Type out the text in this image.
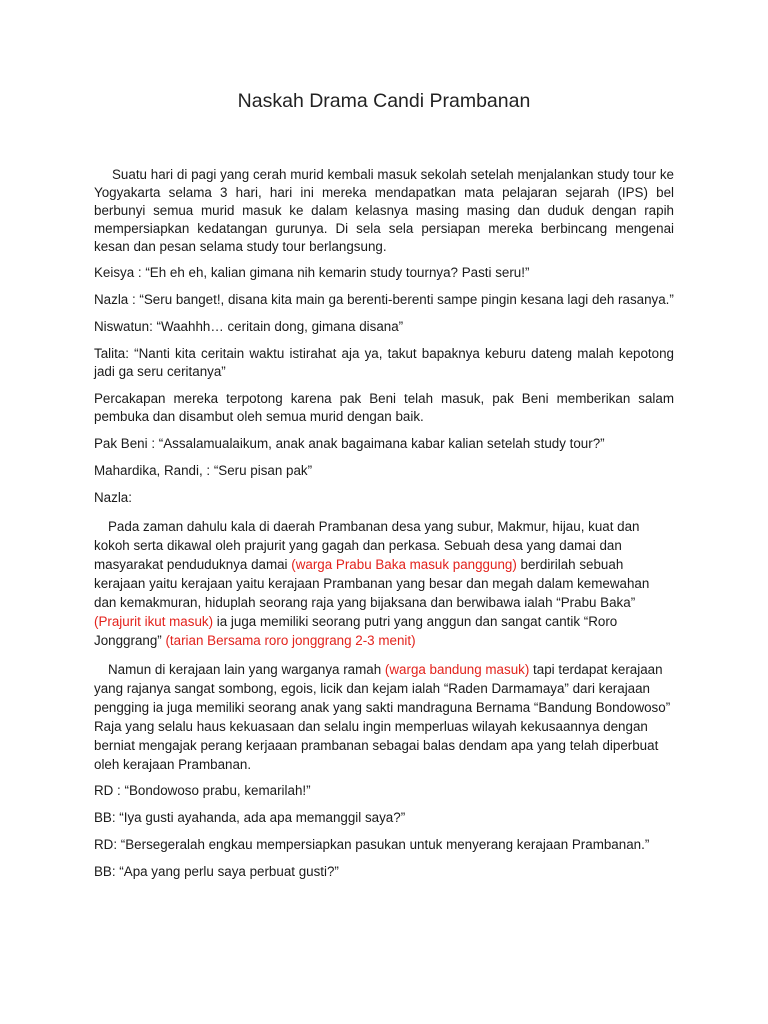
Naskah Drama Candi Prambanan

Suatu hari di pagi yang cerah murid kembali masuk sekolah setelah menjalankan study tour ke Yogyakarta selama 3 hari, hari ini mereka mendapatkan mata pelajaran sejarah (IPS) bel berbunyi semua murid masuk ke dalam kelasnya masing masing dan duduk dengan rapih mempersiapkan kedatangan gurunya. Di sela sela persiapan mereka berbincang mengenai kesan dan pesan selama study tour berlangsung.

Keisya : “Eh eh eh, kalian gimana nih kemarin study tournya? Pasti seru!”

Nazla : “Seru banget!, disana kita main ga berenti-berenti sampe pingin kesana lagi deh rasanya.”

Niswatun: “Waahhh… ceritain dong, gimana disana”

Talita: “Nanti kita ceritain waktu istirahat aja ya, takut bapaknya keburu dateng malah kepotong jadi ga seru ceritanya”

Percakapan mereka terpotong karena pak Beni telah masuk, pak Beni memberikan salam pembuka dan disambut oleh semua murid dengan baik.

Pak Beni : “Assalamualaikum, anak anak bagaimana kabar kalian setelah study tour?”

Mahardika, Randi, : “Seru pisan pak”

Nazla:

Pada zaman dahulu kala di daerah Prambanan desa yang subur, Makmur, hijau, kuat dan kokoh serta dikawal oleh prajurit yang gagah dan perkasa. Sebuah desa yang damai dan masyarakat penduduknya damai (warga Prabu Baka masuk panggung) berdirilah sebuah kerajaan yaitu kerajaan yaitu kerajaan Prambanan yang besar dan megah dalam kemewahan dan kemakmuran, hiduplah seorang raja yang bijaksana dan berwibawa ialah “Prabu Baka” (Prajurit ikut masuk) ia juga memiliki seorang putri yang anggun dan sangat cantik “Roro Jonggrang” (tarian Bersama roro jonggrang 2-3 menit)

Namun di kerajaan lain yang warganya ramah (warga bandung masuk) tapi terdapat kerajaan yang rajanya sangat sombong, egois, licik dan kejam ialah “Raden Darmamaya” dari kerajaan pengging ia juga memiliki seorang anak yang sakti mandraguna Bernama “Bandung Bondowoso” Raja yang selalu haus kekuasaan dan selalu ingin memperluas wilayah kekusaannya dengan berniat mengajak perang kerjaaan prambanan sebagai balas dendam apa yang telah diperbuat oleh kerajaan Prambanan.

RD : “Bondowoso prabu, kemarilah!”

BB: “Iya gusti ayahanda, ada apa memanggil saya?”

RD: “Bersegeralah engkau mempersiapkan pasukan untuk menyerang kerajaan Prambanan.”

BB: “Apa yang perlu saya perbuat gusti?”
